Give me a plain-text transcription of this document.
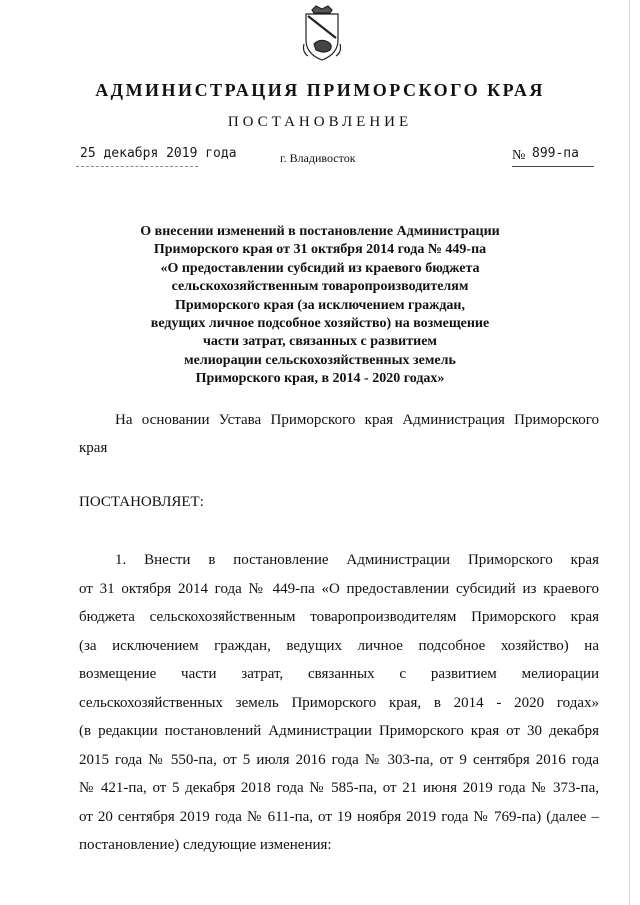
АДМИНИСТРАЦИЯ ПРИМОРСКОГО КРАЯ
ПОСТАНОВЛЕНИЕ
25 декабря 2019 года	г. Владивосток	№ 899-па
О внесении изменений в постановление Администрации
Приморского края от 31 октября 2014 года № 449-па
«О предоставлении субсидий из краевого бюджета
сельскохозяйственным товаропроизводителям
Приморского края (за исключением граждан,
ведущих личное подсобное хозяйство) на возмещение
части затрат, связанных с развитием
мелиорации сельскохозяйственных земель
Приморского края, в 2014 - 2020 годах»
На основании Устава Приморского края Администрация Приморского
края
ПОСТАНОВЛЯЕТ:
1. Внести в постановление Администрации Приморского края
от 31 октября 2014 года № 449-па «О предоставлении субсидий из краевого
бюджета сельскохозяйственным товаропроизводителям Приморского края
(за исключением граждан, ведущих личное подсобное хозяйство) на
возмещение части затрат, связанных с развитием мелиорации
сельскохозяйственных земель Приморского края, в 2014 - 2020 годах»
(в редакции постановлений Администрации Приморского края от 30 декабря
2015 года № 550-па, от 5 июля 2016 года № 303-па, от 9 сентября 2016 года
№ 421-па, от 5 декабря 2018 года № 585-па, от 21 июня 2019 года № 373-па,
от 20 сентября 2019 года № 611-па, от 19 ноября 2019 года № 769-па) (далее –
постановление) следующие изменения:
